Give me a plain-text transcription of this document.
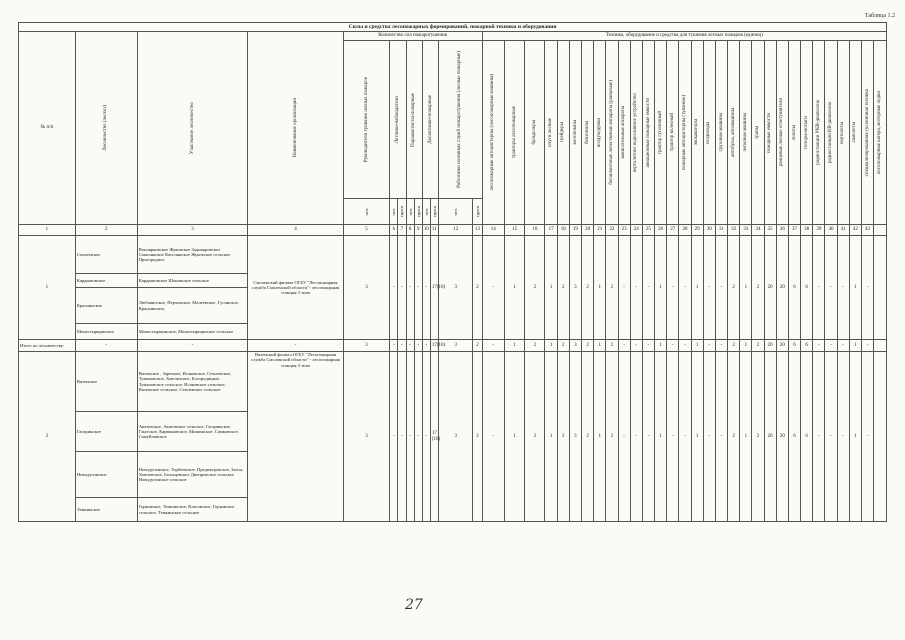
Таблица 1.2
Силы и средства лесопожарных формирований, пожарной техники и оборудования																																											
№ п/п	Лесничество (лесхоз)	Участковое лесничество	Наименование организации	Количество сил пожаротушения									Техника, оборудование и средства для тушения лесных пожаров (единиц)																														

				Руководители тушения лесных пожаров	Летчики-наблюдатели		Парашютисты-пожарные		Десантники-пожарные		Работники наземных служб пожаротушения (лесные пожарные)		лесопожарные автоцистерны (лесопожарные машины)	тракторы лесопожарные	бульдозеры	плуги лесные	грейдеры	мотопомпы	бензопилы	воздуходувки	бесшланговые лепестковые аппараты (ранцевые)	зажигательные аппараты	вертолетное водосливное устройство	авиационные пожарные емкости	трактор гусеничный	трактор колесный	пожарные автоцистерны (тушение)	экскаваторы	вездеходы	грузовые машины	автобусы, автомашины	легковые машины	трапы	пожарные емкости	ранцевые лесные огнетушители	лопаты	топоры-мотыги	радиостанции УКВ-диапазона	радиостанции КВ-диапазона	вертолеты	самолеты	специализированная гусеничная техника	лесопожарные катера, моторные лодки

				чел.	чел.	групп	чел.	групп	чел.	групп	чел.	групп																															

1	2	3	4	5	6	7	8	9	10	11	12	13	14	15	16	17	18	19	20	21	22	23	24	25	26	27	28	29	30	31	32	33	34	35	36	37	38	39	40	41	42	43	
1	Смоленское	Вонлярковское Жуковское Задняпровское Соколинское Касплянское Жуковское сельское Пригородное	Смоленский филиал ОГБУ "Лесопожарная служба Смоленской области"- лесопожарная станция 3 типа	3	-	-	-	-	-	17(10)	3	2	-	1	2	1	2	3	2	1	2	-	-	-	1	-	-	1	-	-	2	1	2	20	20	6	6	-	-	-	1	-	
	Кардымовское	Кардымовское Шокинское сельское																																									
	Краснинское	Любавичское, Перховское, Малеевское, Гусинское, Краснинское,																																									
	Монастырщинское	Монастырщинское, Монастырщинское сельское																																									
Итого по лесничеству:	-	-	-	3	-	-	-	-	-	17(10)	3	2	-	1	2	1	2	3	2	1	2	-	-	-	1	-	-	1	-	-	2	1	2	20	20	6	6	-	-	-	1	-	
2	Вяземское	Вяземское , Заречное, Исаковское, Семлевское, Тумановское, Хмелитское, Богородицкое, Тумановское сельское, Исаковское сельское, Вяземское сельское, Семлевское сельское	Вяземский филиал ОГБУ "Лесопожарная служба Смоленской области" - лесопожарная станция 3 типа	3	-	-	-	-	-	17 (10)	3	2	-	1	2	1	2	3	2	1	2	-	-	-	1	-	-	1	-	-	2	1	2	20	20	6	6	-	-	-	1	-	
	Гагаринское	Акатовское, Акатовское сельское, Гагаринское, Гжатское, Кармановское, Мишинское, Самковское, Самуйловское																																									
	Новодугинское	Новодугинское, Торбеевское, Предиктровское, Загон, Хмелевское, Больщевское Днепровское сельское Новодугинское сельское																																									
	Темкинское	Горковское, Темкинское, Власовское, Горковское сельское, Темкинское сельское																																									
27
